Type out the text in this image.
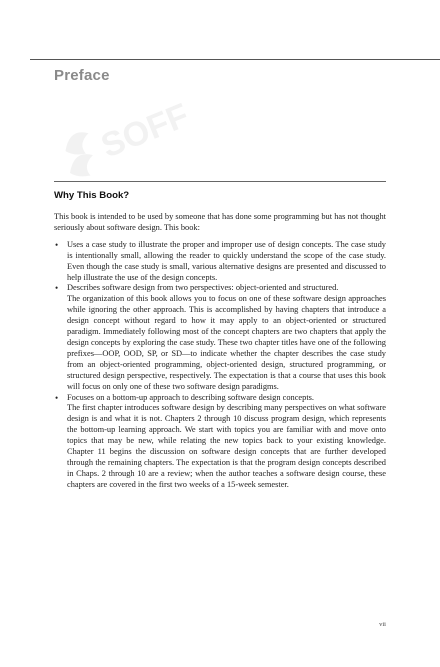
Preface
SOFF
Why This Book?

This book is intended to be used by someone that has done some programming but has not thought seriously about software design. This book:

• Uses a case study to illustrate the proper and improper use of design concepts. The case study is intentionally small, allowing the reader to quickly understand the scope of the case study. Even though the case study is small, various alternative designs are presented and discussed to help illustrate the use of the design concepts.

• Describes software design from two perspectives: object-oriented and structured.

The organization of this book allows you to focus on one of these software design approaches while ignoring the other approach. This is accomplished by having chapters that introduce a design concept without regard to how it may apply to an object-oriented or structured paradigm. Immediately following most of the concept chapters are two chapters that apply the design concepts by exploring the case study. These two chapter titles have one of the following prefixes—OOP, OOD, SP, or SD—to indicate whether the chapter describes the case study from an object-oriented programming, object-oriented design, structured programming, or structured design perspective, respectively. The expectation is that a course that uses this book will focus on only one of these two software design paradigms.

• Focuses on a bottom-up approach to describing software design concepts.

The first chapter introduces software design by describing many perspectives on what software design is and what it is not. Chapters 2 through 10 discuss program design, which represents the bottom-up learning approach. We start with topics you are familiar with and move onto topics that may be new, while relating the new topics back to your existing knowledge. Chapter 11 begins the discussion on software design concepts that are further developed through the remaining chapters. The expectation is that the program design concepts described in Chaps. 2 through 10 are a review; when the author teaches a software design course, these chapters are covered in the first two weeks of a 15-week semester.

vii
